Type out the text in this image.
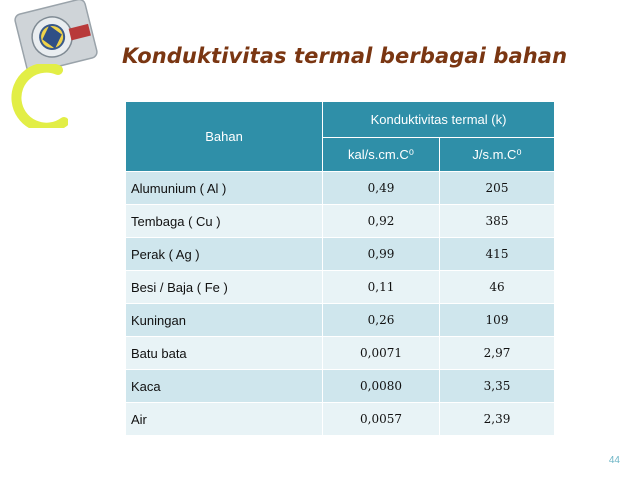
Konduktivitas termal berbagai bahan
Bahan	Konduktivitas termal (k)	
	kal/s.cm.C⁰	J/s.m.C⁰
Alumunium ( Al )	0,49	205
Tembaga ( Cu )	0,92	385
Perak ( Ag )	0,99	415
Besi / Baja ( Fe )	0,11	46
Kuningan	0,26	109
Batu bata	0,0071	2,97
Kaca	0,0080	3,35
Air	0,0057	2,39
44
